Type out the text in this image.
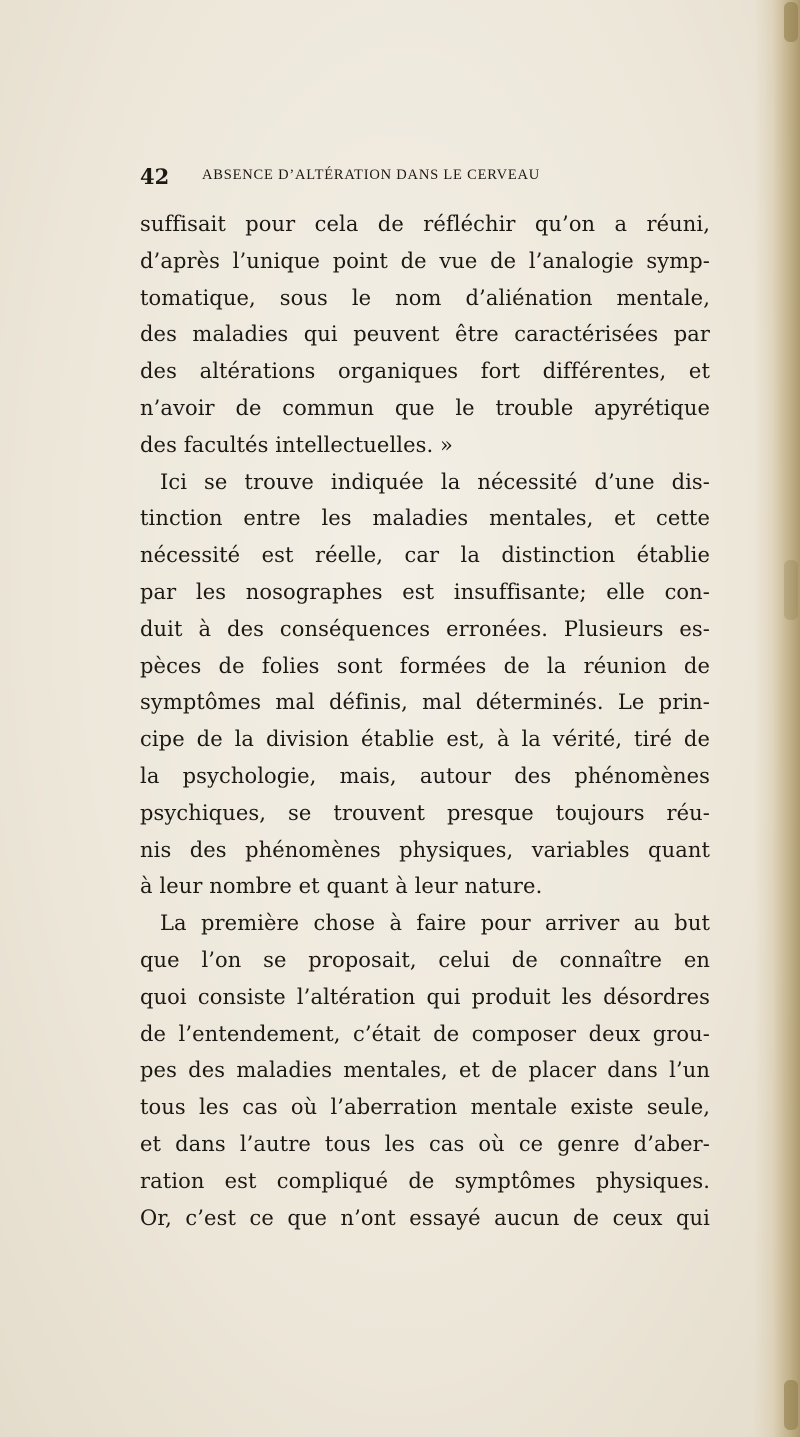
42 ABSENCE D’ALTÉRATION DANS LE CERVEAU
suffisait pour cela de réfléchir qu’on a réuni,
d’après l’unique point de vue de l’analogie symp-
tomatique, sous le nom d’aliénation mentale,
des maladies qui peuvent être caractérisées par
des altérations organiques fort différentes, et
n’avoir de commun que le trouble apyrétique
des facultés intellectuelles. »
Ici se trouve indiquée la nécessité d’une dis-
tinction entre les maladies mentales, et cette
nécessité est réelle, car la distinction établie
par les nosographes est insuffisante; elle con-
duit à des conséquences erronées. Plusieurs es-
pèces de folies sont formées de la réunion de
symptômes mal définis, mal déterminés. Le prin-
cipe de la division établie est, à la vérité, tiré de
la psychologie, mais, autour des phénomènes
psychiques, se trouvent presque toujours réu-
nis des phénomènes physiques, variables quant
à leur nombre et quant à leur nature.
La première chose à faire pour arriver au but
que l’on se proposait, celui de connaître en
quoi consiste l’altération qui produit les désordres
de l’entendement, c’était de composer deux grou-
pes des maladies mentales, et de placer dans l’un
tous les cas où l’aberration mentale existe seule,
et dans l’autre tous les cas où ce genre d’aber-
ration est compliqué de symptômes physiques.
Or, c’est ce que n’ont essayé aucun de ceux qui
